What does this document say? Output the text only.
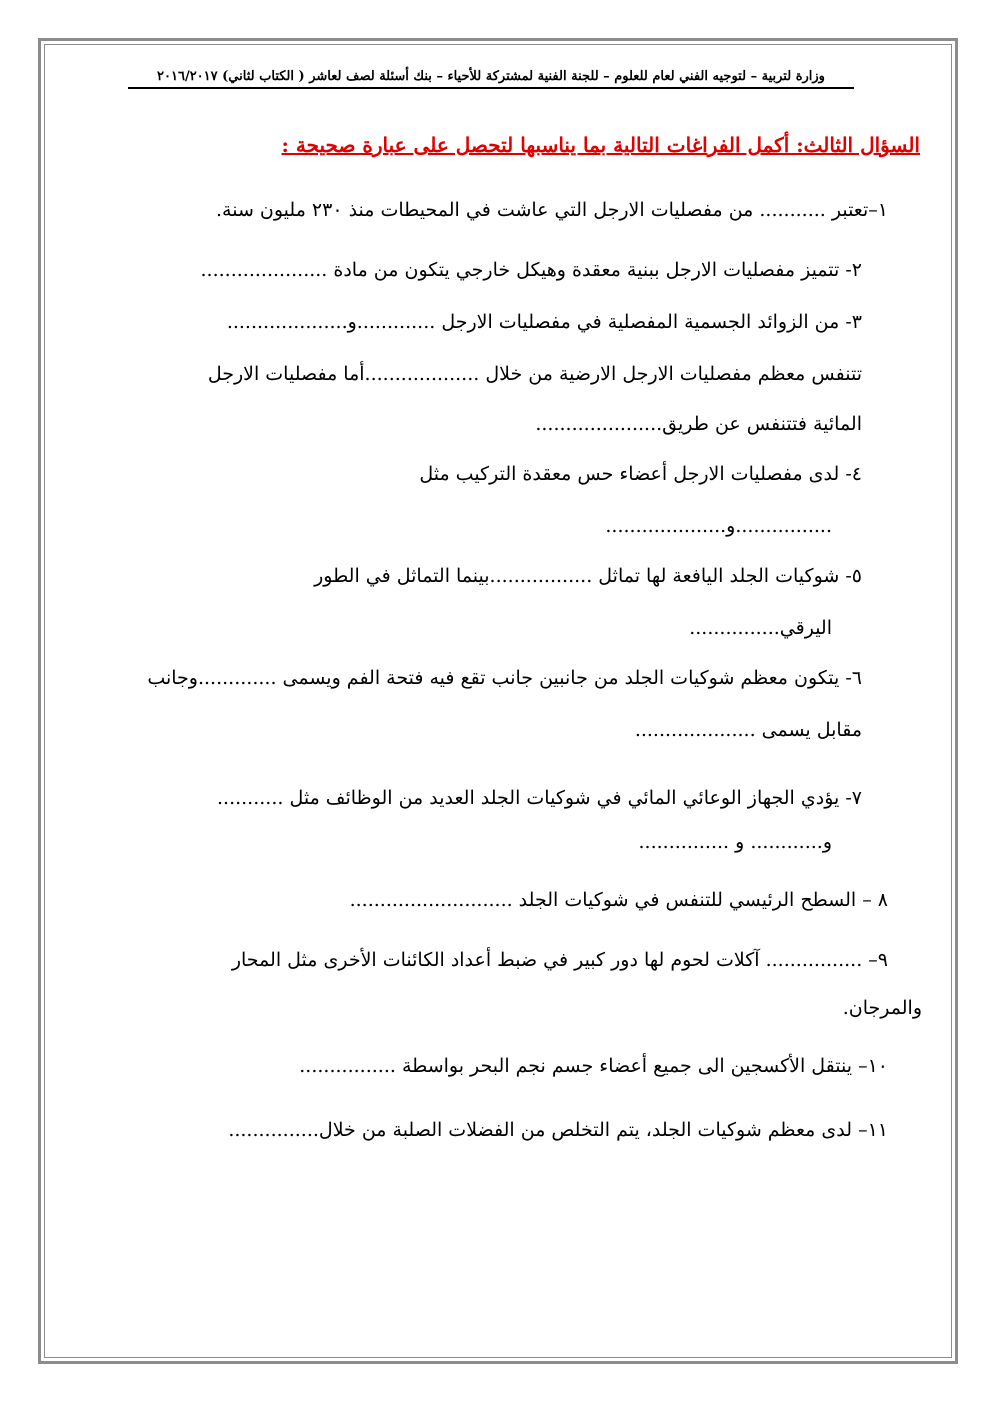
وزارة لتربية – لتوجيه الفني لعام للعلوم – للجنة الفنية لمشتركة للأحياء – بنك أسئلة لصف لعاشر ( الكتاب لثاني) ٢٠١٦/٢٠١٧
السؤال الثالث: أكمل الفراغات التالية بما يناسبها لتحصل على عبارة صحيحة :
١–تعتبر ........... من مفصليات الارجل التي عاشت في المحيطات منذ ٢٣٠ مليون سنة.
٢- تتميز مفصليات الارجل ببنية معقدة وهيكل خارجي يتكون من مادة .....................
٣- من الزوائد الجسمية المفصلية في مفصليات الارجل .............و....................
تتنفس معظم مفصليات الارجل الارضية من خلال ...................أما مفصليات الارجل
المائية فتتنفس عن طريق.....................
٤- لدى مفصليات الارجل أعضاء حس معقدة التركيب مثل
................و....................
٥- شوكيات الجلد اليافعة لها تماثل .................بينما التماثل في الطور
اليرقي...............
٦- يتكون معظم شوكيات الجلد من جانبين جانب تقع فيه فتحة الفم ويسمى .............وجانب
مقابل يسمى ....................
٧- يؤدي الجهاز الوعائي المائي في شوكيات الجلد العديد من الوظائف مثل ...........
و............ و ...............
٨ – السطح الرئيسي للتنفس في شوكيات الجلد ...........................
٩– ................ آكلات لحوم لها دور كبير في ضبط أعداد الكائنات الأخرى مثل المحار
والمرجان.
١٠– ينتقل الأكسجين الى جميع أعضاء جسم نجم البحر بواسطة ................
١١– لدى معظم شوكيات الجلد، يتم التخلص من الفضلات الصلبة من خلال...............
